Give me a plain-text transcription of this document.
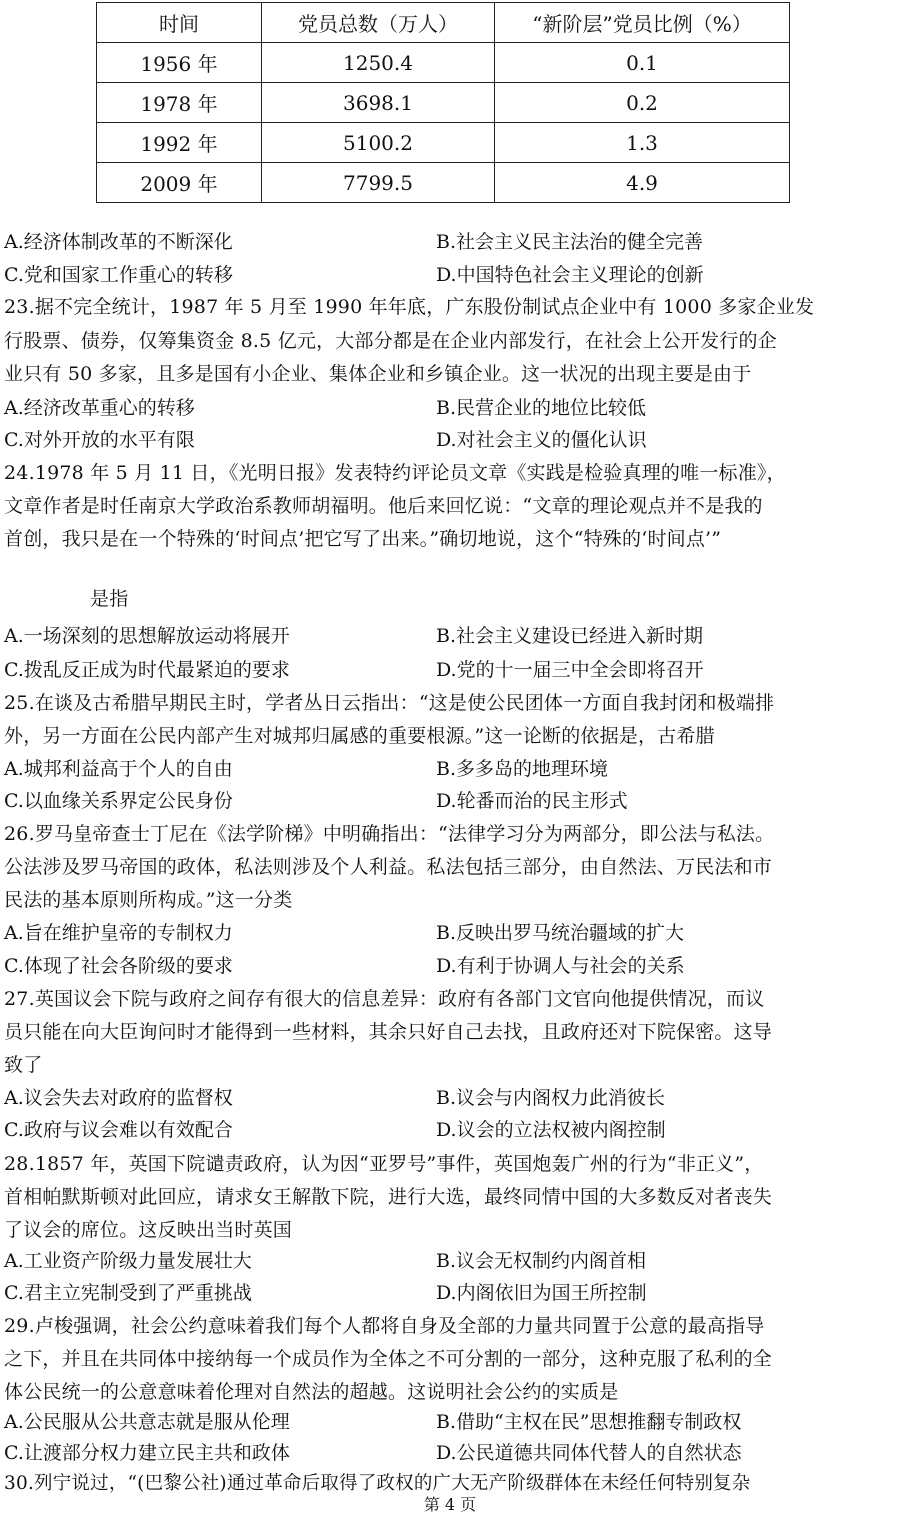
时间	党员总数（万人）	“新阶层”党员比例（%）
1956 年	1250.4	0.1
1978 年	3698.1	0.2
1992 年	5100.2	1.3
2009 年	7799.5	4.9
A.经济体制改革的不断深化	B.社会主义民主法治的健全完善
C.党和国家工作重心的转移	D.中国特色社会主义理论的创新
23.据不完全统计，1987 年 5 月至 1990 年年底，广东股份制试点企业中有 1000 多家企业发
行股票、债券，仅筹集资金 8.5 亿元，大部分都是在企业内部发行，在社会上公开发行的企
业只有 50 多家，且多是国有小企业、集体企业和乡镇企业。这一状况的出现主要是由于
A.经济改革重心的转移	B.民营企业的地位比较低
C.对外开放的水平有限	D.对社会主义的僵化认识
24.1978 年 5 月 11 日，《光明日报》发表特约评论员文章《实践是检验真理的唯一标准》，
文章作者是时任南京大学政治系教师胡福明。他后来回忆说：“文章的理论观点并不是我的
首创，我只是在一个特殊的‘时间点’把它写了出来。”确切地说，这个“特殊的‘时间点’”
是指
A.一场深刻的思想解放运动将展开	B.社会主义建设已经进入新时期
C.拨乱反正成为时代最紧迫的要求	D.党的十一届三中全会即将召开
25.在谈及古希腊早期民主时，学者丛日云指出：“这是使公民团体一方面自我封闭和极端排
外，另一方面在公民内部产生对城邦归属感的重要根源。”这一论断的依据是，古希腊
A.城邦利益高于个人的自由	B.多多岛的地理环境
C.以血缘关系界定公民身份	D.轮番而治的民主形式
26.罗马皇帝查士丁尼在《法学阶梯》中明确指出：“法律学习分为两部分，即公法与私法。
公法涉及罗马帝国的政体，私法则涉及个人利益。私法包括三部分，由自然法、万民法和市
民法的基本原则所构成。”这一分类
A.旨在维护皇帝的专制权力	B.反映出罗马统治疆域的扩大
C.体现了社会各阶级的要求	D.有利于协调人与社会的关系
27.英国议会下院与政府之间存有很大的信息差异：政府有各部门文官向他提供情况，而议
员只能在向大臣询问时才能得到一些材料，其余只好自己去找，且政府还对下院保密。这导
致了
A.议会失去对政府的监督权	B.议会与内阁权力此消彼长
C.政府与议会难以有效配合	D.议会的立法权被内阁控制
28.1857 年，英国下院谴责政府，认为因“亚罗号”事件，英国炮轰广州的行为“非正义”，
首相帕默斯顿对此回应，请求女王解散下院，进行大选，最终同情中国的大多数反对者丧失
了议会的席位。这反映出当时英国
A.工业资产阶级力量发展壮大	B.议会无权制约内阁首相
C.君主立宪制受到了严重挑战	D.内阁依旧为国王所控制
29.卢梭强调，社会公约意味着我们每个人都将自身及全部的力量共同置于公意的最高指导
之下，并且在共同体中接纳每一个成员作为全体之不可分割的一部分，这种克服了私利的全
体公民统一的公意意味着伦理对自然法的超越。这说明社会公约的实质是
A.公民服从公共意志就是服从伦理	B.借助“主权在民”思想推翻专制政权
C.让渡部分权力建立民主共和政体	D.公民道德共同体代替人的自然状态
30.列宁说过，“(巴黎公社)通过革命后取得了政权的广大无产阶级群体在未经任何特别复杂
第 4 页
